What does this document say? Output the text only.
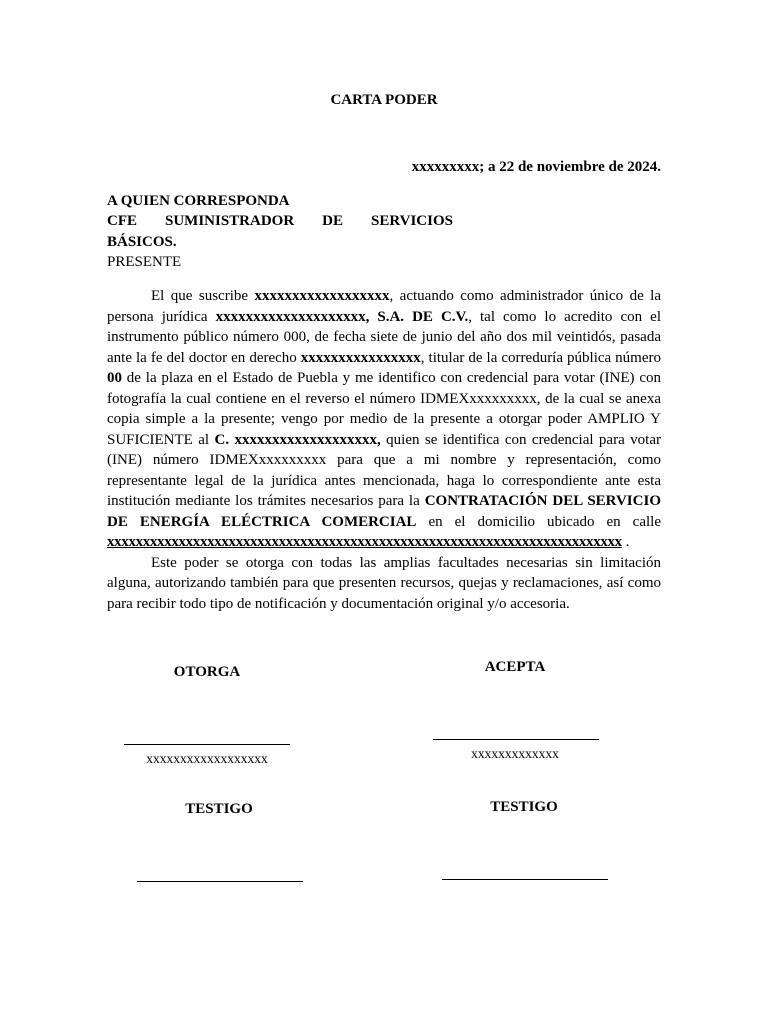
CARTA PODER
xxxxxxxxx; a 22 de noviembre de 2024.
A QUIEN CORRESPONDA
CFE SUMINISTRADOR DE SERVICIOS
BÁSICOS.
PRESENTE

El que suscribe xxxxxxxxxxxxxxxxxx, actuando como administrador único de la persona jurídica xxxxxxxxxxxxxxxxxxxx, S.A. DE C.V., tal como lo acredito con el instrumento público número 000, de fecha siete de junio del año dos mil veintidós, pasada ante la fe del doctor en derecho xxxxxxxxxxxxxxxx, titular de la correduría pública número 00 de la plaza en el Estado de Puebla y me identifico con credencial para votar (INE) con fotografía la cual contiene en el reverso el número IDMEXxxxxxxxxx, de la cual se anexa copia simple a la presente; vengo por medio de la presente a otorgar poder AMPLIO Y SUFICIENTE al C. xxxxxxxxxxxxxxxxxxx, quien se identifica con credencial para votar (INE) número IDMEXxxxxxxxxx para que a mi nombre y representación, como representante legal de la jurídica antes mencionada, haga lo correspondiente ante esta institución mediante los trámites necesarios para la CONTRATACIÓN DEL SERVICIO DE ENERGÍA ELÉCTRICA COMERCIAL en el domicilio ubicado en calle xxxxxxxxxxxxxxxxxxxxxxxxxxxxxxxxxxxxxxxxxxxxxxxxxxxxxxxxxxxxxxxxxxxxxxxx .

Este poder se otorga con todas las amplias facultades necesarias sin limitación alguna, autorizando también para que presenten recursos, quejas y reclamaciones, así como para recibir todo tipo de notificación y documentación original y/o accesoria.

OTORGA	ACEPTA
xxxxxxxxxxxxxxxxxx	xxxxxxxxxxxxx
TESTIGO	TESTIGO
